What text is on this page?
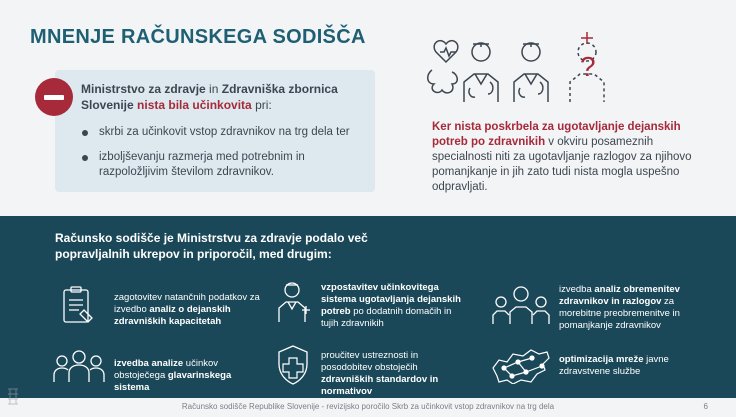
MNENJE RAČUNSKEGA SODIŠČA
Ministrstvo za zdravje in Zdravniška zbornica Slovenije nista bila učinkovita pri:
skrbi za učinkovit vstop zdravnikov na trg dela ter
izboljševanju razmerja med potrebnim in razpoložljivim številom zdravnikov.
?
Ker nista poskrbela za ugotavljanje dejanskih potreb po zdravnikih v okviru posameznih specialnosti niti za ugotavljanje razlogov za njihovo pomanjkanje in jih zato tudi nista mogla uspešno odpravljati.
Računsko sodišče je Ministrstvu za zdravje podalo več popravljalnih ukrepov in priporočil, med drugim:
zagotovitev natančnih podatkov za izvedbo analiz o dejanskih zdravniških kapacitetah
vzpostavitev učinkovitega sistema ugotavljanja dejanskih potreb po dodatnih domačih in tujih zdravnikih
izvedba analiz obremenitev zdravnikov in razlogov za morebitne preobremenitve in pomanjkanje zdravnikov
izvedba analize učinkov obstoječega glavarinskega sistema
proučitev ustreznosti in posodobitev obstoječih zdravniških standardov in normativov
optimizacija mreže javne zdravstvene službe
Računsko sodišče Republike Slovenije - revizijsko poročilo Skrb za učinkovit vstop zdravnikov na trg dela	6
